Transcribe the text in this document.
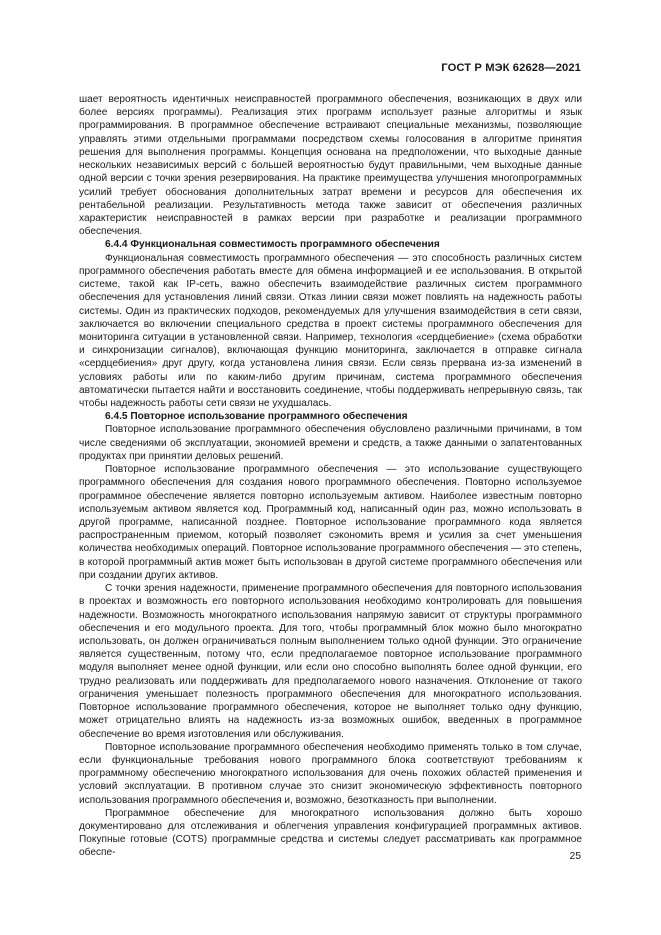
ГОСТ Р МЭК 62628—2021

шает вероятность идентичных неисправностей программного обеспечения, возникающих в двух или более версиях программы). Реализация этих программ использует разные алгоритмы и язык программирования. В программное обеспечение встраивают специальные механизмы, позволяющие управлять этими отдельными программами посредством схемы голосования в алгоритме принятия решения для выполнения программы. Концепция основана на предположении, что выходные данные нескольких независимых версий с большей вероятностью будут правильными, чем выходные данные одной версии с точки зрения резервирования. На практике преимущества улучшения многопрограммных усилий требует обоснования дополнительных затрат времени и ресурсов для обеспечения их рентабельной реализации. Результативность метода также зависит от обеспечения различных характеристик неисправностей в рамках версии при разработке и реализации программного обеспечения.

6.4.4 Функциональная совместимость программного обеспечения

Функциональная совместимость программного обеспечения — это способность различных систем программного обеспечения работать вместе для обмена информацией и ее использования. В открытой системе, такой как IP-сеть, важно обеспечить взаимодействие различных систем программного обеспечения для установления линий связи. Отказ линии связи может повлиять на надежность работы системы. Один из практических подходов, рекомендуемых для улучшения взаимодействия в сети связи, заключается во включении специального средства в проект системы программного обеспечения для мониторинга ситуации в установленной связи. Например, технология «сердцебиение» (схема обработки и синхронизации сигналов), включающая функцию мониторинга, заключается в отправке сигнала «сердцебиения» друг другу, когда установлена линия связи. Если связь прервана из-за изменений в условиях работы или по каким-либо другим причинам, система программного обеспечения автоматически пытается найти и восстановить соединение, чтобы поддерживать непрерывную связь, так чтобы надежность работы сети связи не ухудшалась.

6.4.5 Повторное использование программного обеспечения

Повторное использование программного обеспечения обусловлено различными причинами, в том числе сведениями об эксплуатации, экономией времени и средств, а также данными о запатентованных продуктах при принятии деловых решений.

Повторное использование программного обеспечения — это использование существующего программного обеспечения для создания нового программного обеспечения. Повторно используемое программное обеспечение является повторно используемым активом. Наиболее известным повторно используемым активом является код. Программный код, написанный один раз, можно использовать в другой программе, написанной позднее. Повторное использование программного кода является распространенным приемом, который позволяет сэкономить время и усилия за счет уменьшения количества необходимых операций. Повторное использование программного обеспечения — это степень, в которой программный актив может быть использован в другой системе программного обеспечения или при создании других активов.

С точки зрения надежности, применение программного обеспечения для повторного использования в проектах и возможность его повторного использования необходимо контролировать для повышения надежности. Возможность многократного использования напрямую зависит от структуры программного обеспечения и его модульного проекта. Для того, чтобы программный блок можно было многократно использовать, он должен ограничиваться полным выполнением только одной функции. Это ограничение является существенным, потому что, если предполагаемое повторное использование программного модуля выполняет менее одной функции, или если оно способно выполнять более одной функции, его трудно реализовать или поддерживать для предполагаемого нового назначения. Отклонение от такого ограничения уменьшает полезность программного обеспечения для многократного использования. Повторное использование программного обеспечения, которое не выполняет только одну функцию, может отрицательно влиять на надежность из-за возможных ошибок, введенных в программное обеспечение во время изготовления или обслуживания.

Повторное использование программного обеспечения необходимо применять только в том случае, если функциональные требования нового программного блока соответствуют требованиям к программному обеспечению многократного использования для очень похожих областей применения и условий эксплуатации. В противном случае это снизит экономическую эффективность повторного использования программного обеспечения и, возможно, безотказность при выполнении.

Программное обеспечение для многократного использования должно быть хорошо документировано для отслеживания и облегчения управления конфигурацией программных активов. Покупные готовые (COTS) программные средства и системы следует рассматривать как программное обеспе-	25
